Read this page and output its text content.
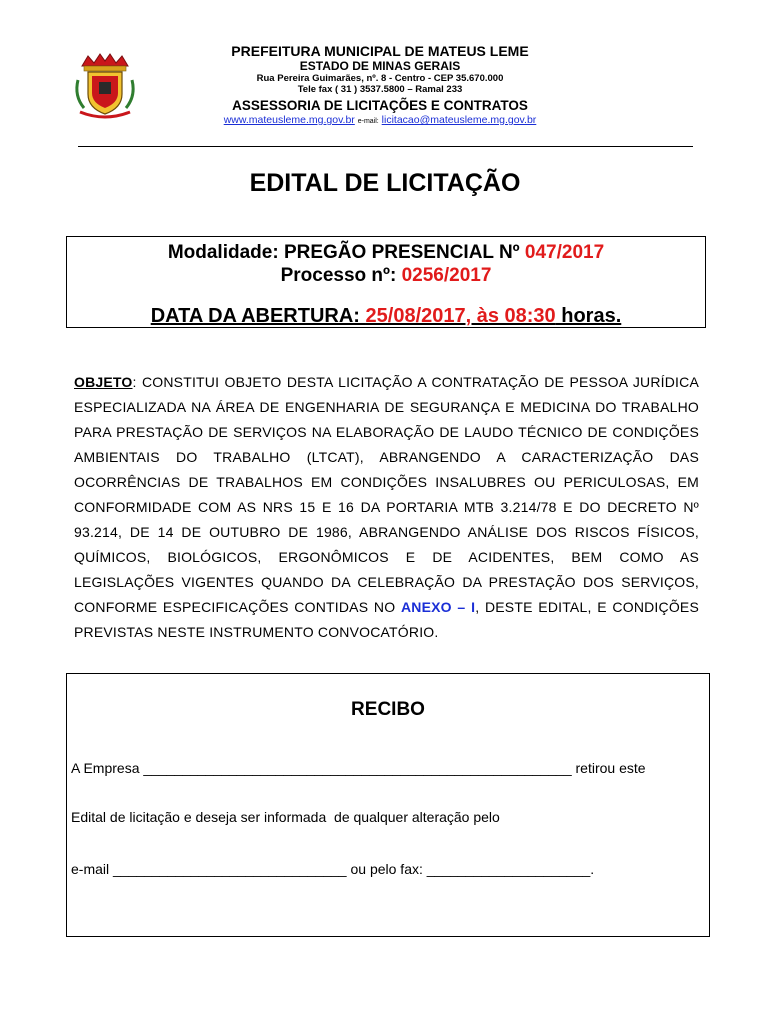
PREFEITURA MUNICIPAL DE MATEUS LEME
ESTADO DE MINAS GERAIS
Rua Pereira Guimarães, nº. 8 - Centro - CEP 35.670.000
Tele fax ( 31 ) 3537.5800 – Ramal 233
ASSESSORIA DE LICITAÇÕES E CONTRATOS
www.mateusleme.mg.gov.br e-mail: licitacao@mateusleme.mg.gov.br
EDITAL DE LICITAÇÃO
Modalidade: PREGÃO PRESENCIAL Nº 047/2017
Processo nº: 0256/2017
DATA DA ABERTURA: 25/08/2017, às 08:30 horas.
OBJETO: CONSTITUI OBJETO DESTA LICITAÇÃO A CONTRATAÇÃO DE PESSOA JURÍDICA ESPECIALIZADA NA ÁREA DE ENGENHARIA DE SEGURANÇA E MEDICINA DO TRABALHO PARA PRESTAÇÃO DE SERVIÇOS NA ELABORAÇÃO DE LAUDO TÉCNICO DE CONDIÇÕES AMBIENTAIS DO TRABALHO (LTCAT), ABRANGENDO A CARACTERIZAÇÃO DAS OCORRÊNCIAS DE TRABALHOS EM CONDIÇÕES INSALUBRES OU PERICULOSAS, EM CONFORMIDADE COM AS NRS 15 E 16 DA PORTARIA MTB 3.214/78 E DO DECRETO Nº 93.214, DE 14 DE OUTUBRO DE 1986, ABRANGENDO ANÁLISE DOS RISCOS FÍSICOS, QUÍMICOS, BIOLÓGICOS, ERGONÔMICOS E DE ACIDENTES, BEM COMO AS LEGISLAÇÕES VIGENTES QUANDO DA CELEBRAÇÃO DA PRESTAÇÃO DOS SERVIÇOS, CONFORME ESPECIFICAÇÕES CONTIDAS NO ANEXO – I, DESTE EDITAL, E CONDIÇÕES PREVISTAS NESTE INSTRUMENTO CONVOCATÓRIO.
RECIBO
A Empresa _______________________________________________________ retirou este
Edital de licitação e deseja ser informada  de qualquer alteração pelo
e-mail ______________________________ ou pelo fax: _____________________.
